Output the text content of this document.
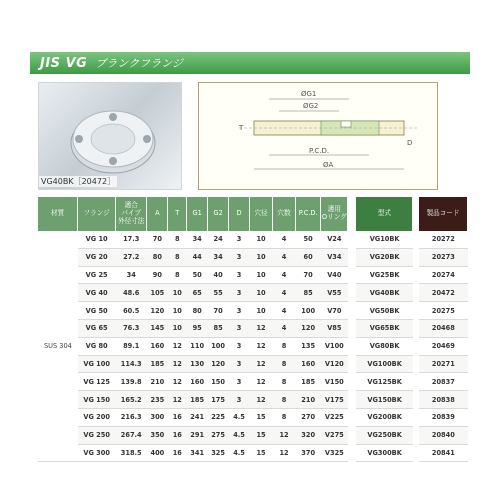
JIS VG ブランクフランジ
VG40BK［20472］
ØG1
ØG2
T
D
P.C.D.
ØA
材質	フランジ	適合
パイプ
外径寸法	A	T	G1	G2	D	穴径	穴数	P.C.D.	適用
Oリング		型式		製品コード
SUS 304	VG 10	17.3	70	8	34	24	3	10	4	50	V24		VG10BK		20272
	VG 20	27.2	80	8	44	34	3	10	4	60	V34		VG20BK		20273
	VG 25	34	90	8	50	40	3	10	4	70	V40		VG25BK		20274
	VG 40	48.6	105	10	65	55	3	10	4	85	V55		VG40BK		20472
	VG 50	60.5	120	10	80	70	3	10	4	100	V70		VG50BK		20275
	VG 65	76.3	145	10	95	85	3	12	4	120	V85		VG65BK		20468
	VG 80	89.1	160	12	110	100	3	12	8	135	V100		VG80BK		20469
	VG 100	114.3	185	12	130	120	3	12	8	160	V120		VG100BK		20271
	VG 125	139.8	210	12	160	150	3	12	8	185	V150		VG125BK		20837
	VG 150	165.2	235	12	185	175	3	12	8	210	V175		VG150BK		20838
	VG 200	216.3	300	16	241	225	4.5	15	8	270	V225		VG200BK		20839
	VG 250	267.4	350	16	291	275	4.5	15	12	320	V275		VG250BK		20840
	VG 300	318.5	400	16	341	325	4.5	15	12	370	V325		VG300BK		20841
